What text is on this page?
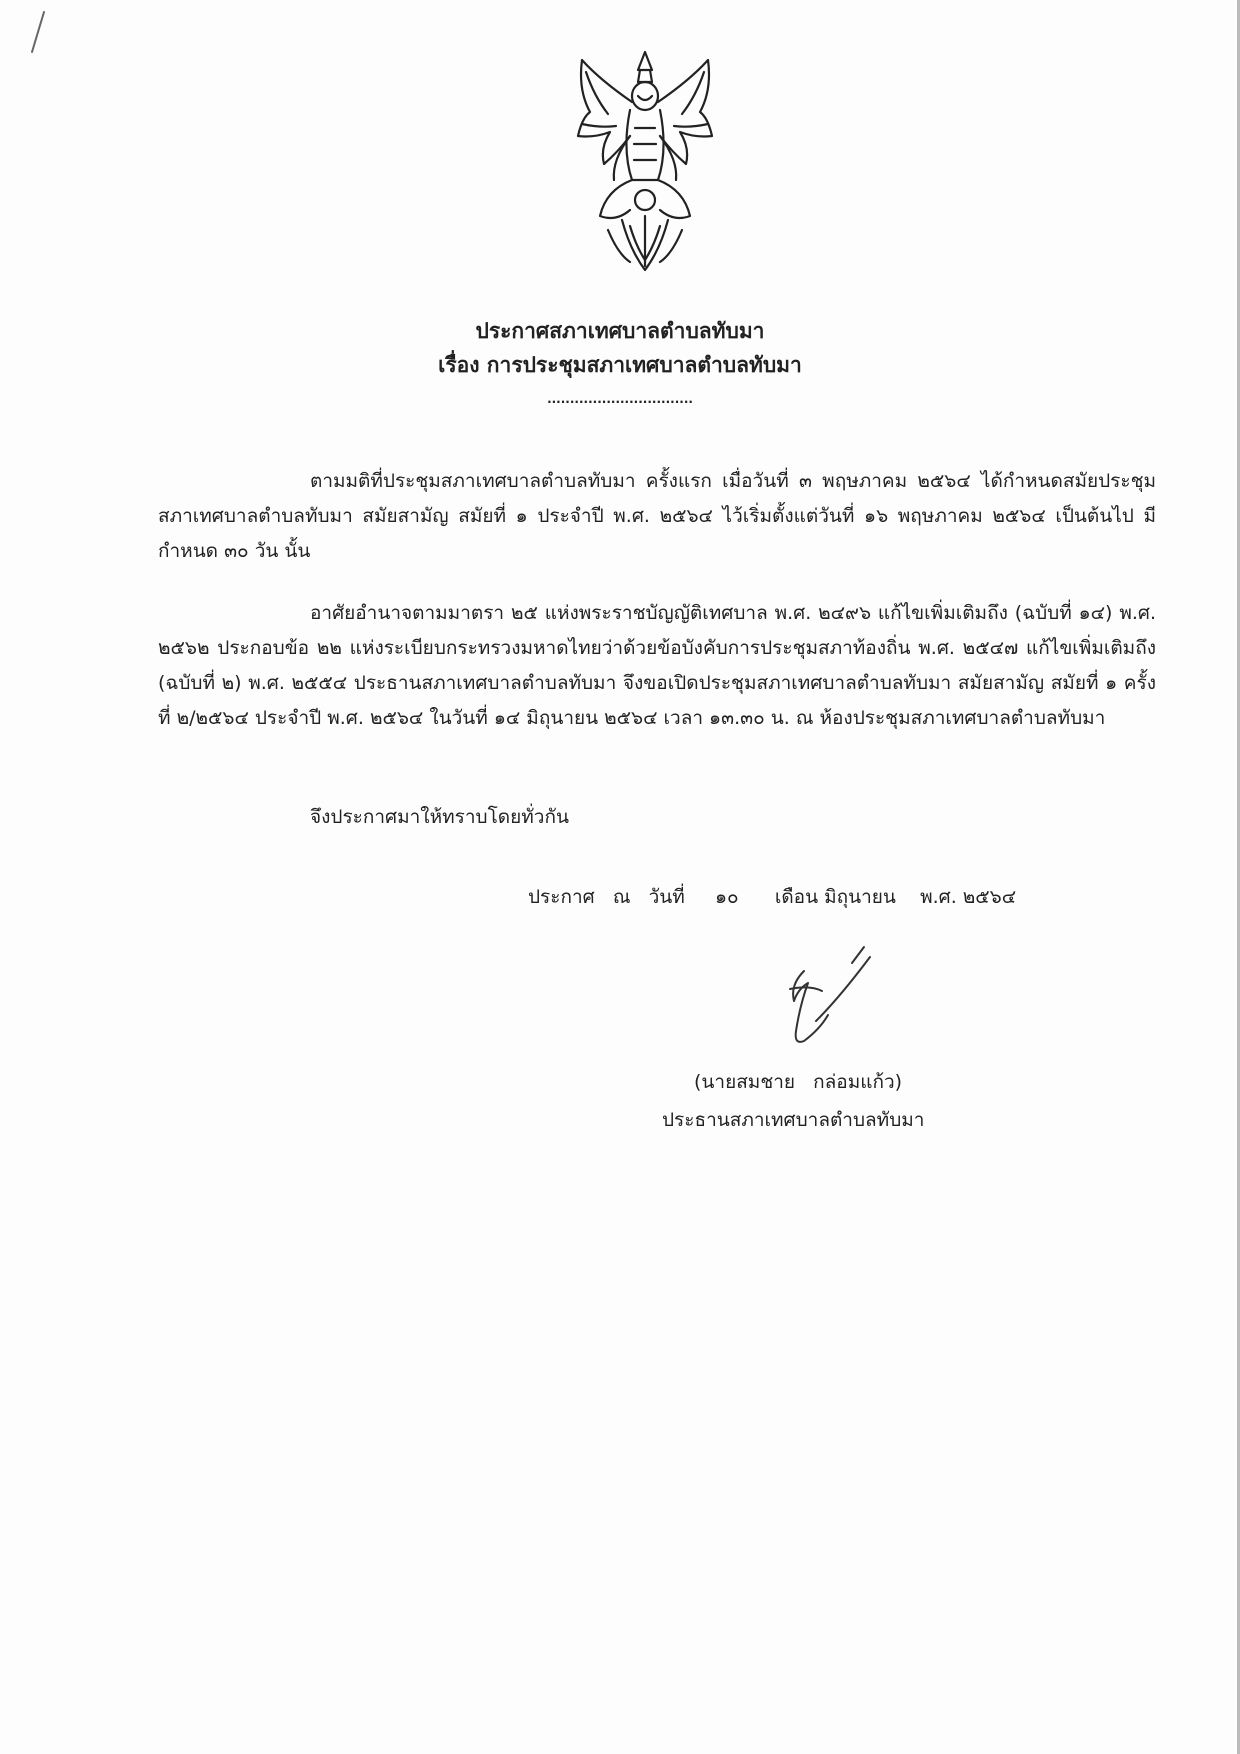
ประกาศสภาเทศบาลตำบลทับมา
เรื่อง การประชุมสภาเทศบาลตำบลทับมา
................................

ตามมติที่ประชุมสภาเทศบาลตำบลทับมา ครั้งแรก เมื่อวันที่ ๓ พฤษภาคม ๒๕๖๔ ได้กำหนดสมัยประชุมสภาเทศบาลตำบลทับมา สมัยสามัญ สมัยที่ ๑ ประจำปี พ.ศ. ๒๕๖๔ ไว้เริ่มตั้งแต่วันที่ ๑๖ พฤษภาคม ๒๕๖๔ เป็นต้นไป มีกำหนด ๓๐ วัน นั้น

อาศัยอำนาจตามมาตรา ๒๕ แห่งพระราชบัญญัติเทศบาล พ.ศ. ๒๔๙๖ แก้ไขเพิ่มเติมถึง (ฉบับที่ ๑๔) พ.ศ. ๒๕๖๒ ประกอบข้อ ๒๒ แห่งระเบียบกระทรวงมหาดไทยว่าด้วยข้อบังคับการประชุมสภาท้องถิ่น พ.ศ. ๒๕๔๗ แก้ไขเพิ่มเติมถึง (ฉบับที่ ๒) พ.ศ. ๒๕๕๔ ประธานสภาเทศบาลตำบลทับมา จึงขอเปิดประชุมสภาเทศบาลตำบลทับมา สมัยสามัญ สมัยที่ ๑ ครั้งที่ ๒/๒๕๖๔ ประจำปี พ.ศ. ๒๕๖๔ ในวันที่ ๑๔ มิถุนายน ๒๕๖๔ เวลา ๑๓.๓๐ น. ณ ห้องประชุมสภาเทศบาลตำบลทับมา

จึงประกาศมาให้ทราบโดยทั่วกัน

ประกาศ   ณ   วันที่     ๑๐      เดือน มิถุนายน    พ.ศ. ๒๕๖๔
(นายสมชาย   กล่อมแก้ว)
ประธานสภาเทศบาลตำบลทับมา
